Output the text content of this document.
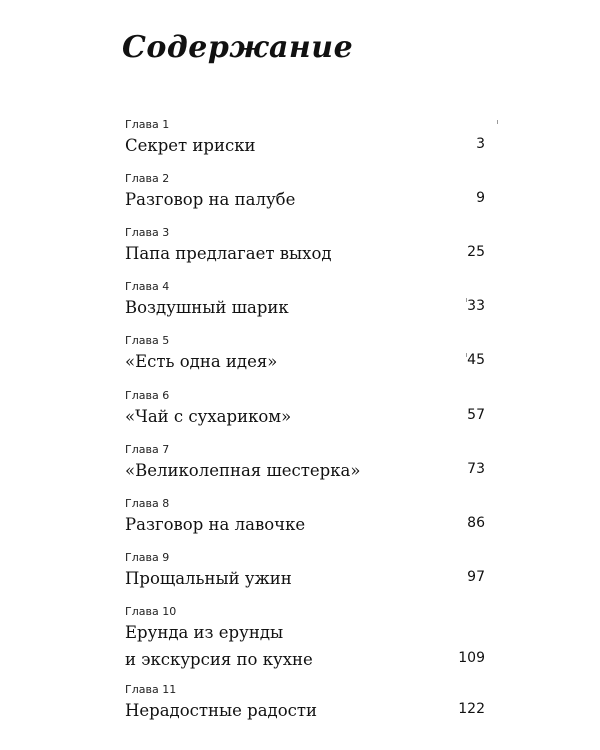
Содержание
Глава 1
Секрет ириски	3
Глава 2
Разговор на палубе	9
Глава 3
Папа предлагает выход	25
Глава 4
Воздушный шарик	33
Глава 5
«Есть одна идея»	45
Глава 6
«Чай с сухариком»	57
Глава 7
«Великолепная шестерка»	73
Глава 8
Разговор на лавочке	86
Глава 9
Прощальный ужин	97
Глава 10
Ерунда из ерунды
и экскурсия по кухне	109
Глава 11
Нерадостные радости	122
